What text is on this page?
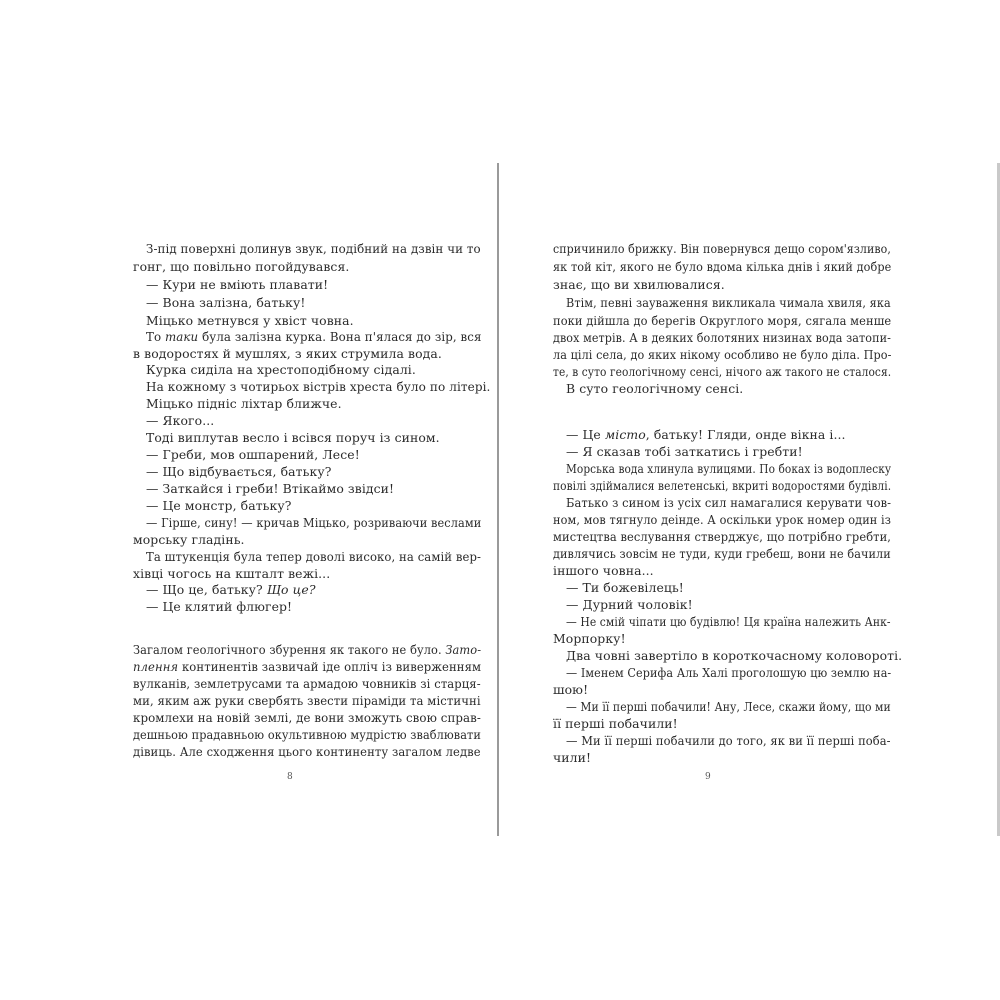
З-під поверхні долинув звук, подібний на дзвін чи то
гонг, що повільно погойдувався.
— Кури не вміють плавати!
— Вона залізна, батьку!
Міцько метнувся у хвіст човна.
То таки була залізна курка. Вона п'ялася до зір, вся
в водоростях й мушлях, з яких струмила вода.
Курка сиділа на хрестоподібному сідалі.
На кожному з чотирьох вістрів хреста було по літері.
Міцько підніс ліхтар ближче.
— Якого...
Тоді виплутав весло і всівся поруч із сином.
— Греби, мов ошпарений, Лесе!
— Що відбувається, батьку?
— Заткайся і греби! Втікаймо звідси!
— Це монстр, батьку?
— Гірше, сину! — кричав Міцько, розриваючи веслами
морську гладінь.
Та штукенція була тепер доволі високо, на самій вер-
хівці чогось на кшталт вежі...
— Що це, батьку? Що це?
— Це клятий флюгер!
Загалом геологічного збурення як такого не було. Зато-
плення континентів зазвичай іде опліч із виверженням
вулканів, землетрусами та армадою човників зі старця-
ми, яким аж руки свербять звести піраміди та містичні
кромлехи на новій землі, де вони зможуть свою справ-
дешньою прадавньою окультивною мудрістю зваблювати
дівиць. Але сходження цього континенту загалом ледве
спричинило брижку. Він повернувся дещо сором'язливо,
як той кіт, якого не було вдома кілька днів і який добре
знає, що ви хвилювалися.
Втім, певні зауваження викликала чимала хвиля, яка
поки дійшла до берегів Округлого моря, сягала менше
двох метрів. А в деяких болотяних низинах вода затопи-
ла цілі села, до яких нікому особливо не було діла. Про-
те, в суто геологічному сенсі, нічого аж такого не сталося.
В суто геологічному сенсі.
— Це місто, батьку! Гляди, онде вікна і...
— Я сказав тобі заткатись і гребти!
Морська вода хлинула вулицями. По боках із водоплеску
повілі здіймалися велетенські, вкриті водоростями будівлі.
Батько з сином із усіх сил намагалися керувати чов-
ном, мов тягнуло деінде. А оскільки урок номер один із
мистецтва веслування стверджує, що потрібно гребти,
дивлячись зовсім не туди, куди гребеш, вони не бачили
іншого човна...
— Ти божевілець!
— Дурний чоловік!
— Не смій чіпати цю будівлю! Ця країна належить Анк-
Морпорку!
Два човні завертіло в короткочасному коловороті.
— Іменем Серифа Аль Халі проголошую цю землю на-
шою!
— Ми її перші побачили! Ану, Лесе, скажи йому, що ми
її перші побачили!
— Ми її перші побачили до того, як ви її перші поба-
чили!
8	9
